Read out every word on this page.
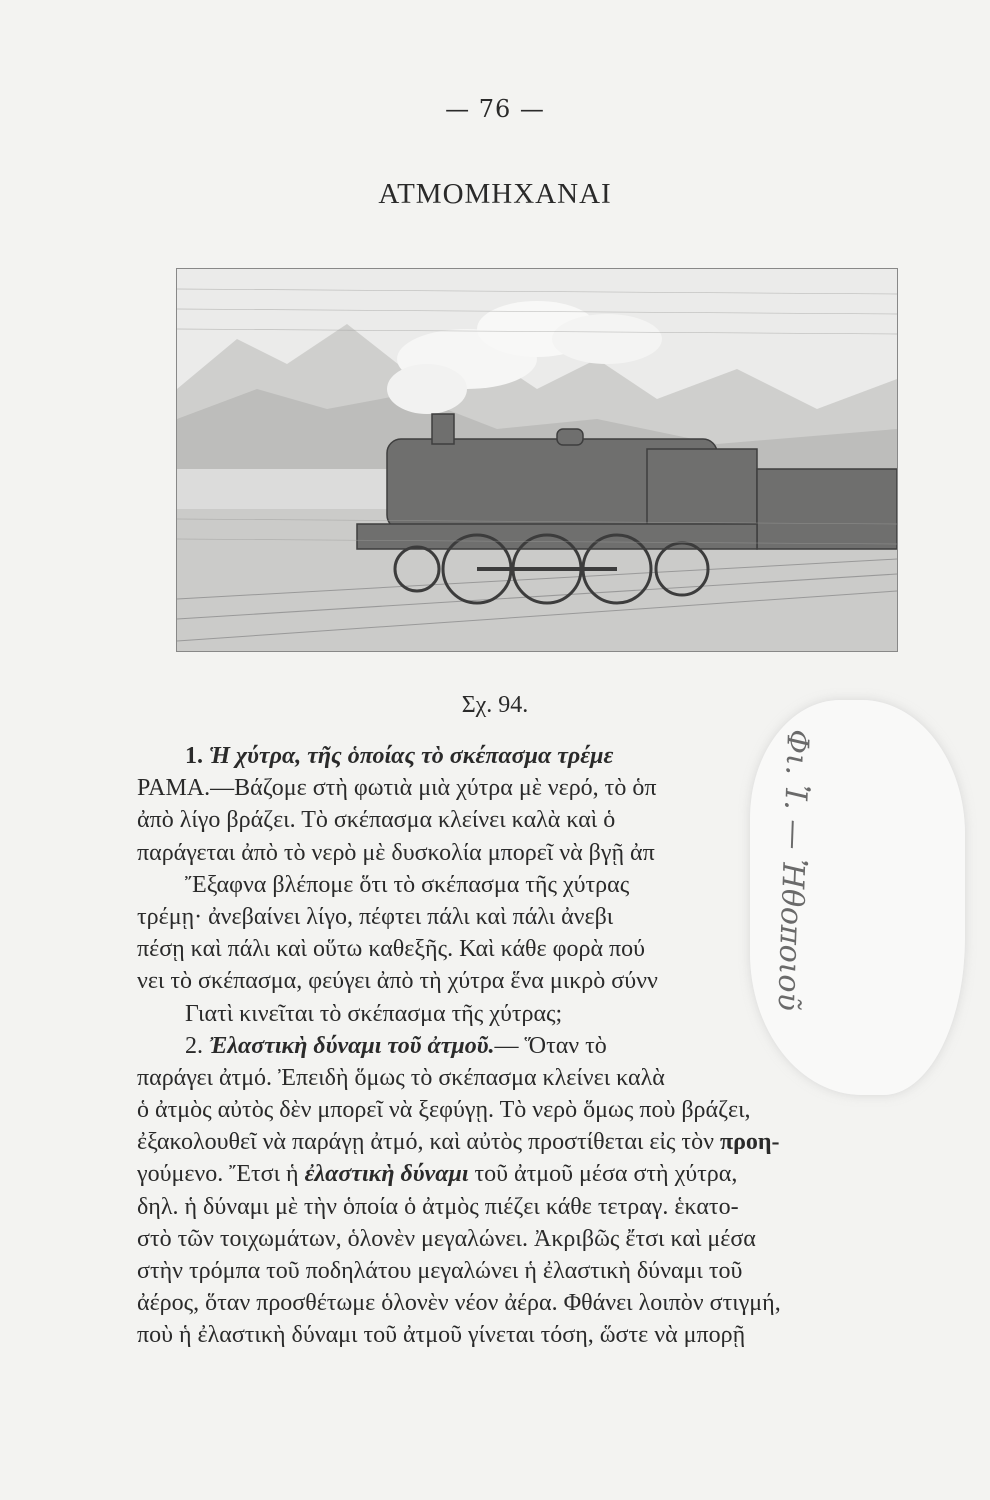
— 76 —
ΑΤΜΟΜΗΧΑΝΑΙ
Σχ. 94.
1. Ἡ χύτρα, τῆς ὁποίας τὸ σκέπασμα τρέμε
ΡΑΜΑ.—Βάζομε στὴ φωτιὰ μιὰ χύτρα μὲ νερό, τὸ ὁπ
ἀπὸ λίγο βράζει. Τὸ σκέπασμα κλείνει καλὰ καὶ ὁ
παράγεται ἀπὸ τὸ νερὸ μὲ δυσκολία μπορεῖ νὰ βγῇ ἀπ
Ἔξαφνα βλέπομε ὅτι τὸ σκέπασμα τῆς χύτρας
τρέμῃ· ἀνεβαίνει λίγο, πέφτει πάλι καὶ πάλι ἀνεβι
πέσῃ καὶ πάλι καὶ οὕτω καθεξῆς. Καὶ κάθε φορὰ πού
νει τὸ σκέπασμα, φεύγει ἀπὸ τὴ χύτρα ἕνα μικρὸ σύνν
Γιατὶ κινεῖται τὸ σκέπασμα τῆς χύτρας;
2. Ἐλαστικὴ δύναμι τοῦ ἀτμοῦ.— Ὅταν τὸ
παράγει ἀτμό. Ἐπειδὴ ὅμως τὸ σκέπασμα κλείνει καλὰ
ὁ ἀτμὸς αὐτὸς δὲν μπορεῖ νὰ ξεφύγῃ. Τὸ νερὸ ὅμως ποὺ βράζει,
ἐξακολουθεῖ νὰ παράγῃ ἀτμό, καὶ αὐτὸς προστίθεται εἰς τὸν προη-
γούμενο. Ἔτσι ἡ ἐλαστικὴ δύναμι τοῦ ἀτμοῦ μέσα στὴ χύτρα,
δηλ. ἡ δύναμι μὲ τὴν ὁποία ὁ ἀτμὸς πιέζει κάθε τετραγ. ἑκατο-
στὸ τῶν τοιχωμάτων, ὁλονὲν μεγαλώνει. Ἀκριβῶς ἔτσι καὶ μέσα
στὴν τρόμπα τοῦ ποδηλάτου μεγαλώνει ἡ ἐλαστικὴ δύναμι τοῦ
ἀέρος, ὅταν προσθέτωμε ὁλονὲν νέον ἀέρα. Φθάνει λοιπὸν στιγμή,
ποὺ ἡ ἐλαστικὴ δύναμι τοῦ ἀτμοῦ γίνεται τόση, ὥστε νὰ μπορῇ
Φι. Ἰ. — Ἠθοποιοῦ
